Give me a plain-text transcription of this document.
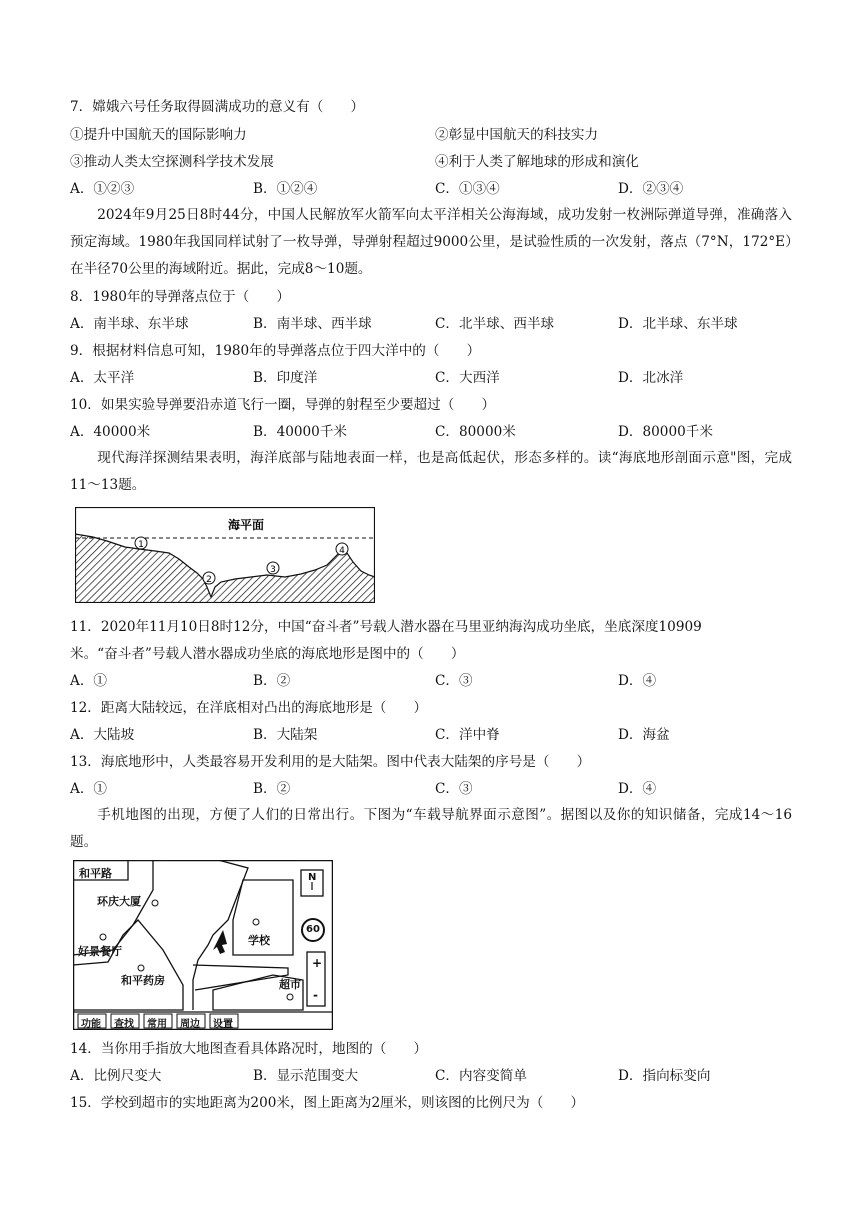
7．嫦娥六号任务取得圆满成功的意义有（　　）
①提升中国航天的国际影响力	②彰显中国航天的科技实力
③推动人类太空探测科学技术发展	④利于人类了解地球的形成和演化
A．①②③	B．①②④	C．①③④	D．②③④
2024年9月25日8时44分，中国人民解放军火箭军向太平洋相关公海海域，成功发射一枚洲际弹道导弹，准确落入预定海域。1980年我国同样试射了一枚导弹，导弹射程超过9000公里，是试验性质的一次发射，落点（7°N，172°E）在半径70公里的海域附近。据此，完成8～10题。
8．1980年的导弹落点位于（　　）
A．南半球、东半球	B．南半球、西半球	C．北半球、西半球	D．北半球、东半球
9．根据材料信息可知，1980年的导弹落点位于四大洋中的（　　）
A．太平洋	B．印度洋	C．大西洋	D．北冰洋
10．如果实验导弹要沿赤道飞行一圈，导弹的射程至少要超过（　　）
A．40000米	B．40000千米	C．80000米	D．80000千米
现代海洋探测结果表明，海洋底部与陆地表面一样，也是高低起伏，形态多样的。读“海底地形剖面示意"图，完成11～13题。
海平面
1
2
3
4
11．2020年11月10日8时12分，中国“奋斗者”号载人潜水器在马里亚纳海沟成功坐底，坐底深度10909
米。“奋斗者”号载人潜水器成功坐底的海底地形是图中的（　　）
A．①	B．②	C．③	D．④
12．距离大陆较远，在洋底相对凸出的海底地形是（　　）
A．大陆坡	B．大陆架	C．洋中脊	D．海盆
13．海底地形中，人类最容易开发利用的是大陆架。图中代表大陆架的序号是（　　）
A．①	B．②	C．③	D．④
手机地图的出现，方便了人们的日常出行。下图为“车载导航界面示意图”。据图以及你的知识储备，完成14～16题。
和平路
环庆大厦
好景餐厅
和平药房
学校
超市
N
60
+
-
功能 查找 常用 周边 设置
14．当你用手指放大地图查看具体路况时，地图的（　　）
A．比例尺变大	B．显示范围变大	C．内容变简单	D．指向标变向
15．学校到超市的实地距离为200米，图上距离为2厘米，则该图的比例尺为（　　）
